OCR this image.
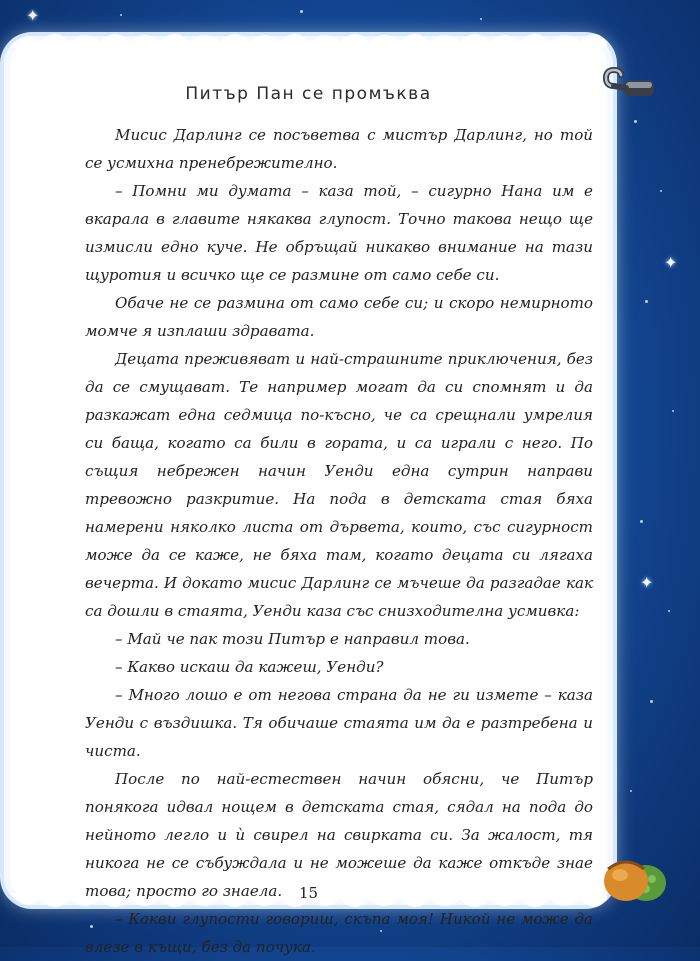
✦
✦
✦
Питър Пан се промъква

Мисис Дарлинг се посъветва с мистър Дарлинг, но той се усмихна пренебрежително.

– Помни ми думата – каза той, – сигурно Нана им е вкарала в главите някаква глупост. Точно такова нещо ще измисли едно куче. Не обръщай никакво внимание на тази щуротия и всичко ще се размине от само себе си.

Обаче не се размина от само себе си; и скоро немирното момче я изплаши здравата.

Децата преживяват и най-страшните приключения, без да се смущават. Те например могат да си спомнят и да разкажат една седмица по-късно, че са срещнали умрелия си баща, когато са били в гората, и са играли с него. По същия небрежен начин Уенди една сутрин направи тревожно разкритие. На пода в детската стая бяха намерени няколко листа от дървета, които, със сигурност може да се каже, не бяха там, когато децата си лягаха вечерта. И докато мисис Дарлинг се мъчеше да разгадае как са дошли в стаята, Уенди каза със снизходителна усмивка:

– Май че пак този Питър е направил това.

– Какво искаш да кажеш, Уенди?

– Много лошо е от негова страна да не ги измете – каза Уенди с въздишка. Тя обичаше стаята им да е разтребена и чиста.

После по най-естествен начин обясни, че Питър понякога идвал нощем в детската стая, сядал на пода до нейното легло и ѝ свирел на свирката си. За жалост, тя никога не се събуждала и не можеше да каже откъде знае това; просто го знаела.

– Какви глупости говориш, скъпа моя! Никой не може да влезе в къщи, без да почука.

15
